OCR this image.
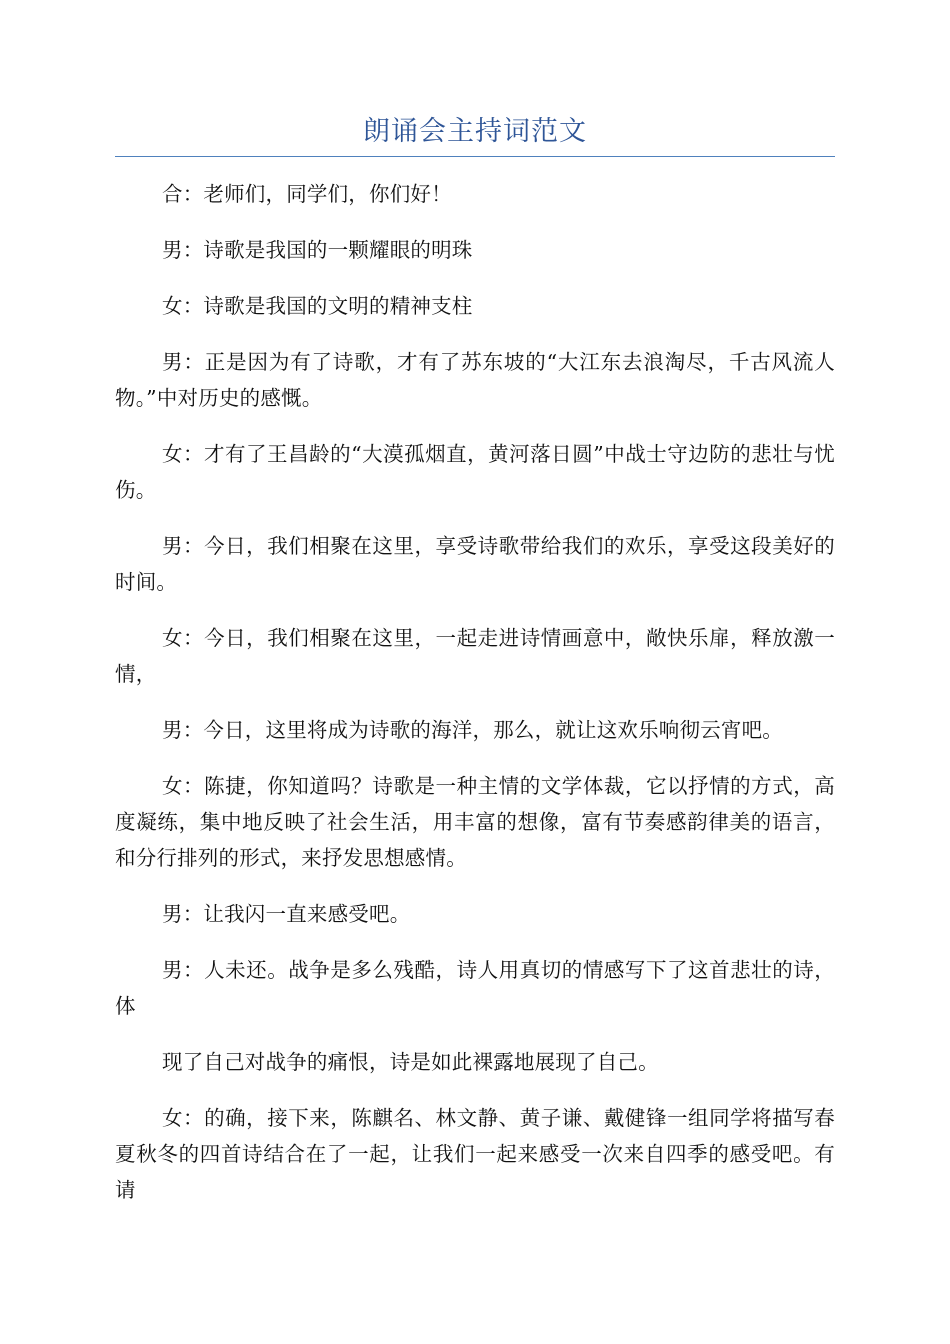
朗诵会主持词范文

合：老师们，同学们，你们好！

男：诗歌是我国的一颗耀眼的明珠

女：诗歌是我国的文明的精神支柱

男：正是因为有了诗歌，才有了苏东坡的“大江东去浪淘尽，千古风流人物。”中对历史的感慨。

女：才有了王昌龄的“大漠孤烟直，黄河落日圆”中战士守边防的悲壮与忧伤。

男：今日，我们相聚在这里，享受诗歌带给我们的欢乐，享受这段美好的时间。

女：今日，我们相聚在这里，一起走进诗情画意中，敞快乐扉，释放激一情，

男：今日，这里将成为诗歌的海洋，那么，就让这欢乐响彻云宵吧。

女：陈捷，你知道吗？诗歌是一种主情的文学体裁，它以抒情的方式，高度凝练，集中地反映了社会生活，用丰富的想像，富有节奏感韵律美的语言，和分行排列的形式，来抒发思想感情。

男：让我闪一直来感受吧。

男：人未还。战争是多么残酷，诗人用真切的情感写下了这首悲壮的诗，体

现了自己对战争的痛恨，诗是如此裸露地展现了自己。

女：的确，接下来，陈麒名、林文静、黄子谦、戴健锋一组同学将描写春夏秋冬的四首诗结合在了一起，让我们一起来感受一次来自四季的感受吧。有请
